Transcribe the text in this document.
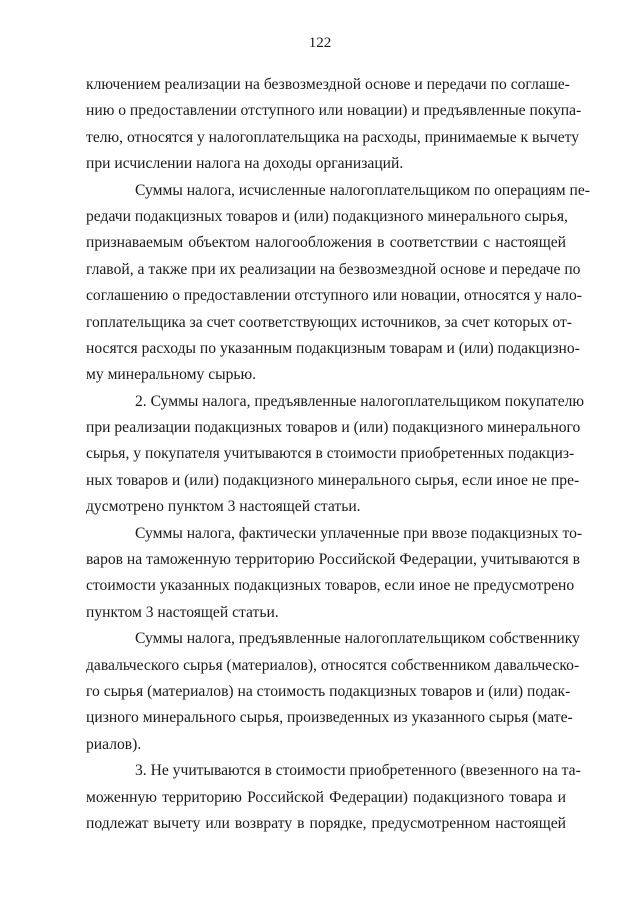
122
ключением реализации на безвозмездной основе и передачи по соглаше-
нию о предоставлении отступного или новации) и предъявленные покупа-
телю, относятся у налогоплательщика на расходы, принимаемые к вычету
при исчислении налога на доходы организаций.
Суммы налога, исчисленные налогоплательщиком по операциям пе-
редачи подакцизных товаров и (или) подакцизного минерального сырья,
признаваемым объектом налогообложения в соответствии с настоящей
главой, а также при их реализации на безвозмездной основе и передаче по
соглашению о предоставлении отступного или новации, относятся у нало-
гоплательщика за счет соответствующих источников, за счет которых от-
носятся расходы по указанным подакцизным товарам и (или) подакцизно-
му минеральному сырью.
2. Суммы налога, предъявленные налогоплательщиком покупателю
при реализации подакцизных товаров и (или) подакцизного минерального
сырья, у покупателя учитываются в стоимости приобретенных подакциз-
ных товаров и (или) подакцизного минерального сырья, если иное не пре-
дусмотрено пунктом 3 настоящей статьи.
Суммы налога, фактически уплаченные при ввозе подакцизных то-
варов на таможенную территорию Российской Федерации, учитываются в
стоимости указанных подакцизных товаров, если иное не предусмотрено
пунктом 3 настоящей статьи.
Суммы налога, предъявленные налогоплательщиком собственнику
давальческого сырья (материалов), относятся собственником давальческо-
го сырья (материалов) на стоимость подакцизных товаров и (или) подак-
цизного минерального сырья, произведенных из указанного сырья (мате-
риалов).
3. Не учитываются в стоимости приобретенного (ввезенного на та-
моженную территорию Российской Федерации) подакцизного товара и
подлежат вычету или возврату в порядке, предусмотренном настоящей
